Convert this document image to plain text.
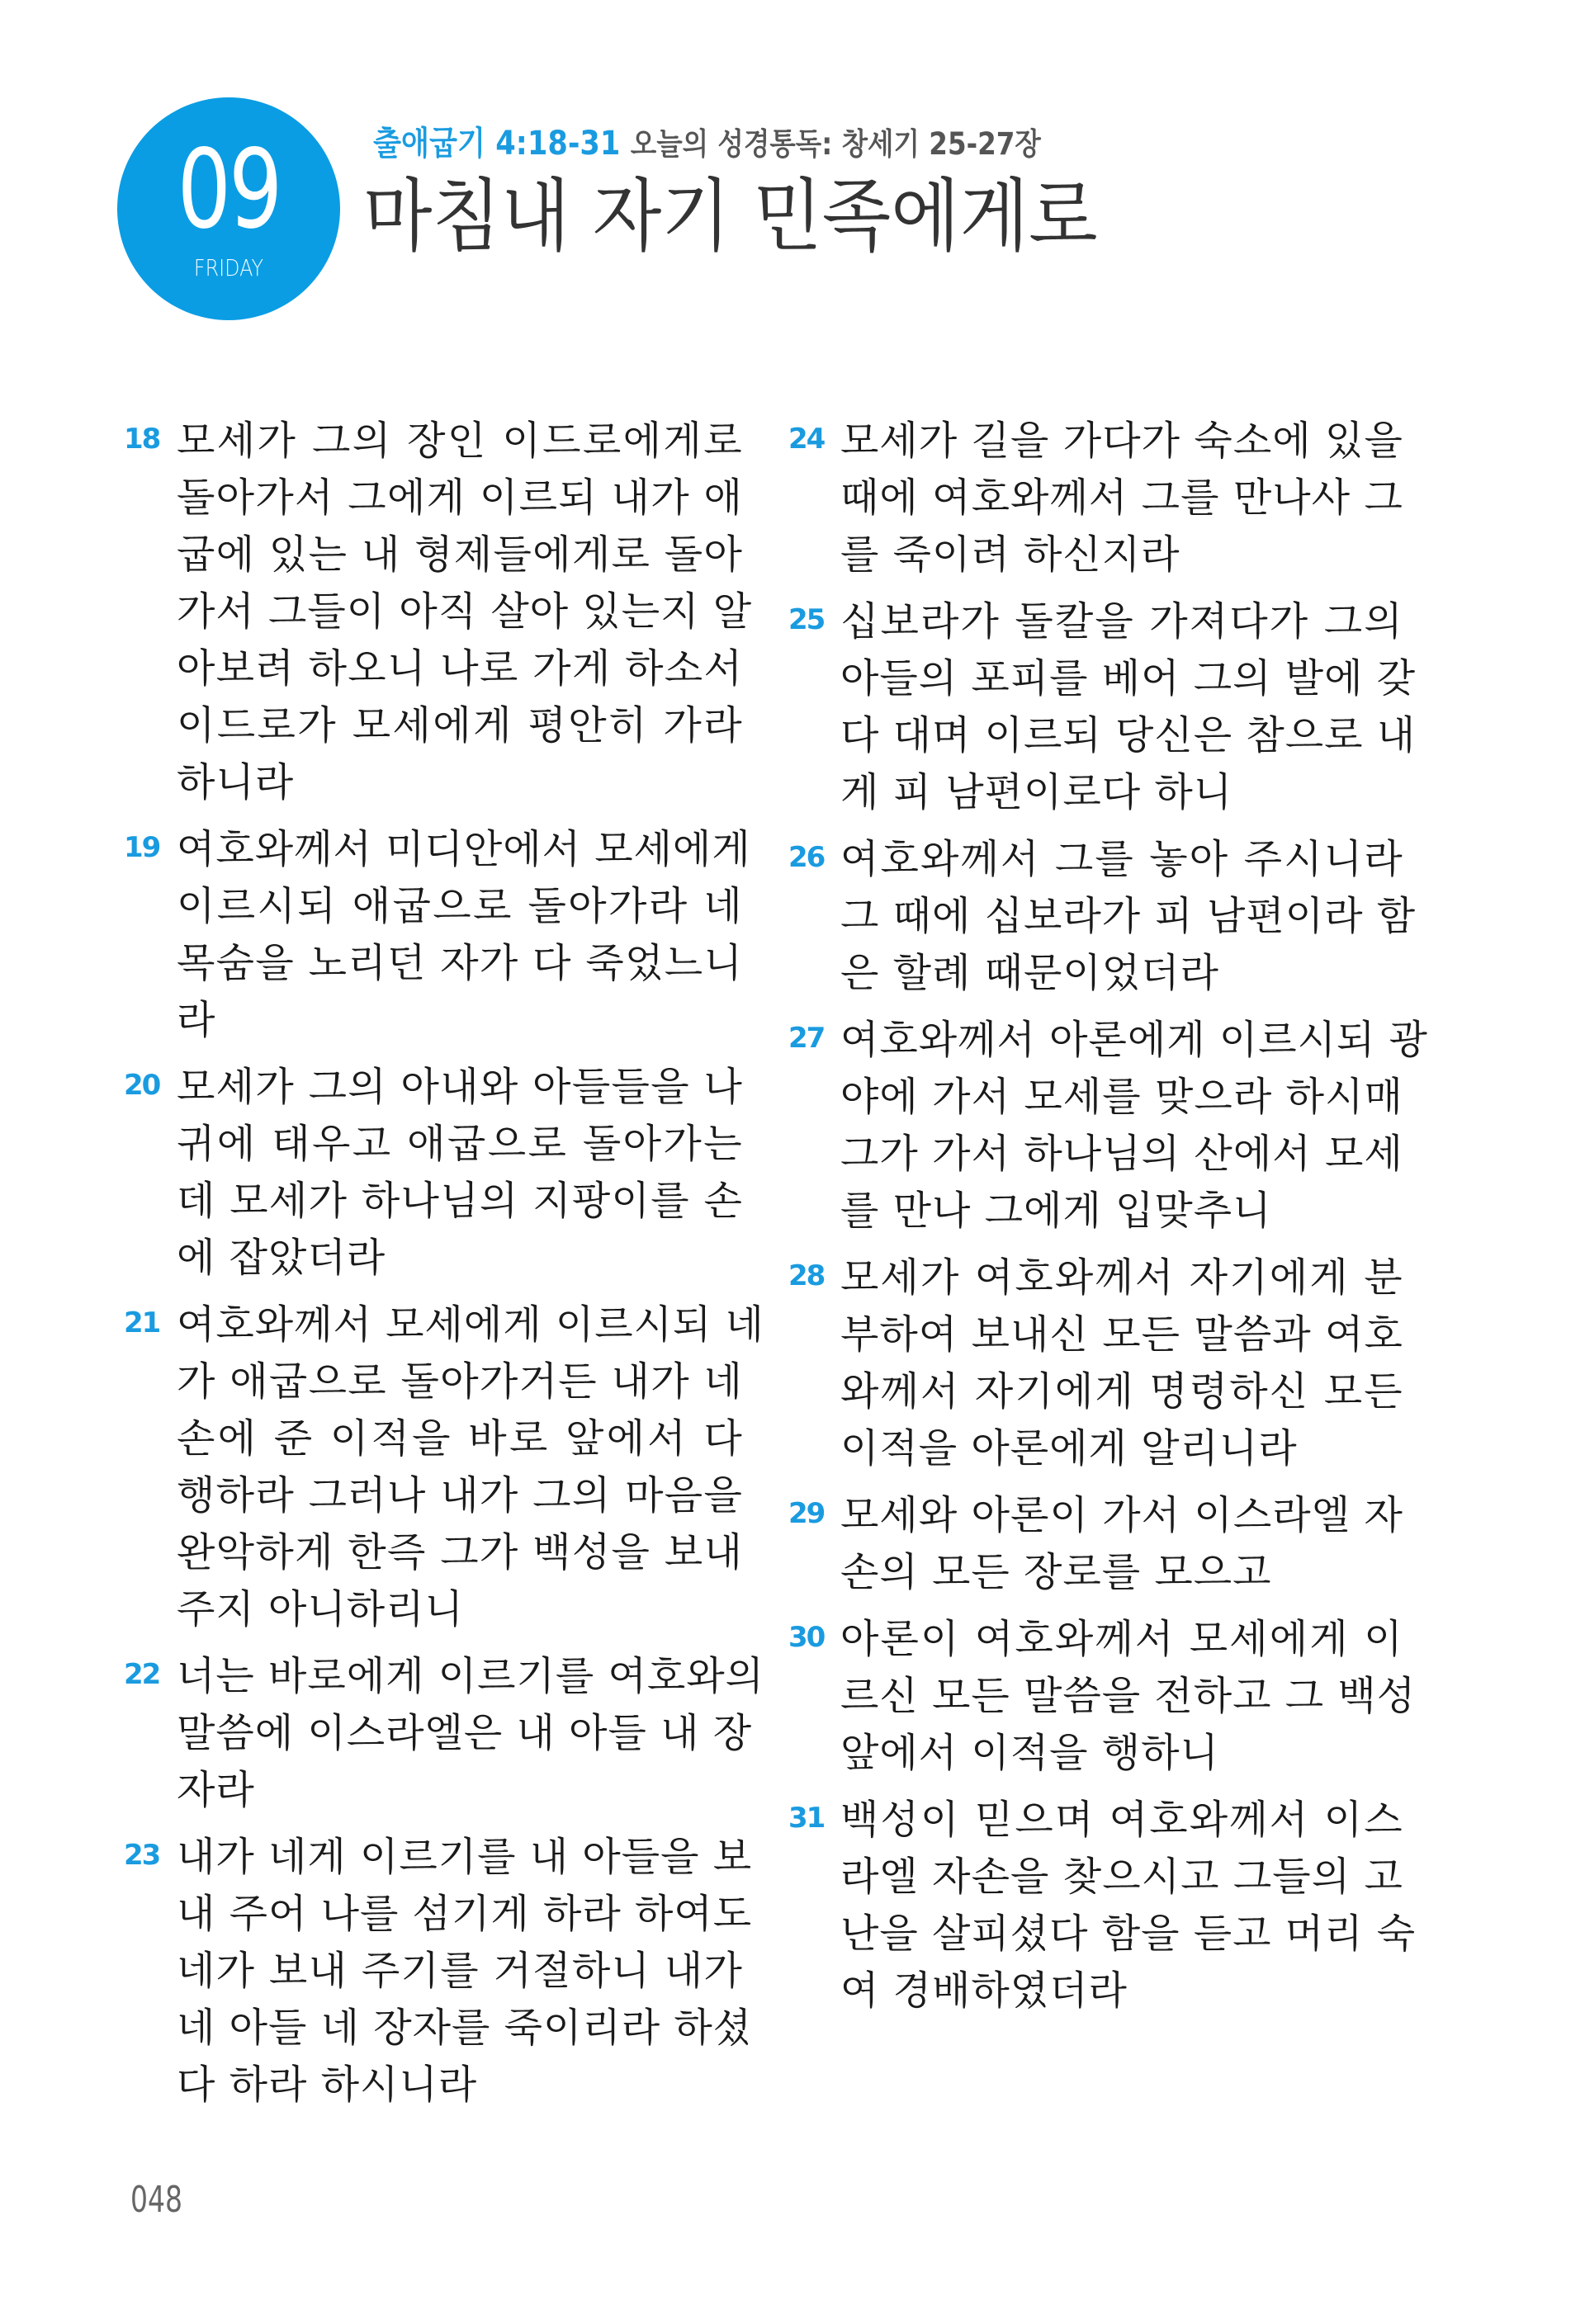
09
FRIDAY
출애굽기 4:18-31 오늘의 성경통독: 창세기 25-27장
마침내 자기 민족에게로
18 모세가 그의 장인 이드로에게로
돌아가서 그에게 이르되 내가 애
굽에 있는 내 형제들에게로 돌아
가서 그들이 아직 살아 있는지 알
아보려 하오니 나로 가게 하소서
이드로가 모세에게 평안히 가라
하니라
19 여호와께서 미디안에서 모세에게
이르시되 애굽으로 돌아가라 네
목숨을 노리던 자가 다 죽었느니
라
20 모세가 그의 아내와 아들들을 나
귀에 태우고 애굽으로 돌아가는
데 모세가 하나님의 지팡이를 손
에 잡았더라
21 여호와께서 모세에게 이르시되 네
가 애굽으로 돌아가거든 내가 네
손에 준 이적을 바로 앞에서 다
행하라 그러나 내가 그의 마음을
완악하게 한즉 그가 백성을 보내
주지 아니하리니
22 너는 바로에게 이르기를 여호와의
말씀에 이스라엘은 내 아들 내 장
자라
23 내가 네게 이르기를 내 아들을 보
내 주어 나를 섬기게 하라 하여도
네가 보내 주기를 거절하니 내가
네 아들 네 장자를 죽이리라 하셨
다 하라 하시니라
24 모세가 길을 가다가 숙소에 있을
때에 여호와께서 그를 만나사 그
를 죽이려 하신지라
25 십보라가 돌칼을 가져다가 그의
아들의 포피를 베어 그의 발에 갖
다 대며 이르되 당신은 참으로 내
게 피 남편이로다 하니
26 여호와께서 그를 놓아 주시니라
그 때에 십보라가 피 남편이라 함
은 할례 때문이었더라
27 여호와께서 아론에게 이르시되 광
야에 가서 모세를 맞으라 하시매
그가 가서 하나님의 산에서 모세
를 만나 그에게 입맞추니
28 모세가 여호와께서 자기에게 분
부하여 보내신 모든 말씀과 여호
와께서 자기에게 명령하신 모든
이적을 아론에게 알리니라
29 모세와 아론이 가서 이스라엘 자
손의 모든 장로를 모으고
30 아론이 여호와께서 모세에게 이
르신 모든 말씀을 전하고 그 백성
앞에서 이적을 행하니
31 백성이 믿으며 여호와께서 이스
라엘 자손을 찾으시고 그들의 고
난을 살피셨다 함을 듣고 머리 숙
여 경배하였더라
048
